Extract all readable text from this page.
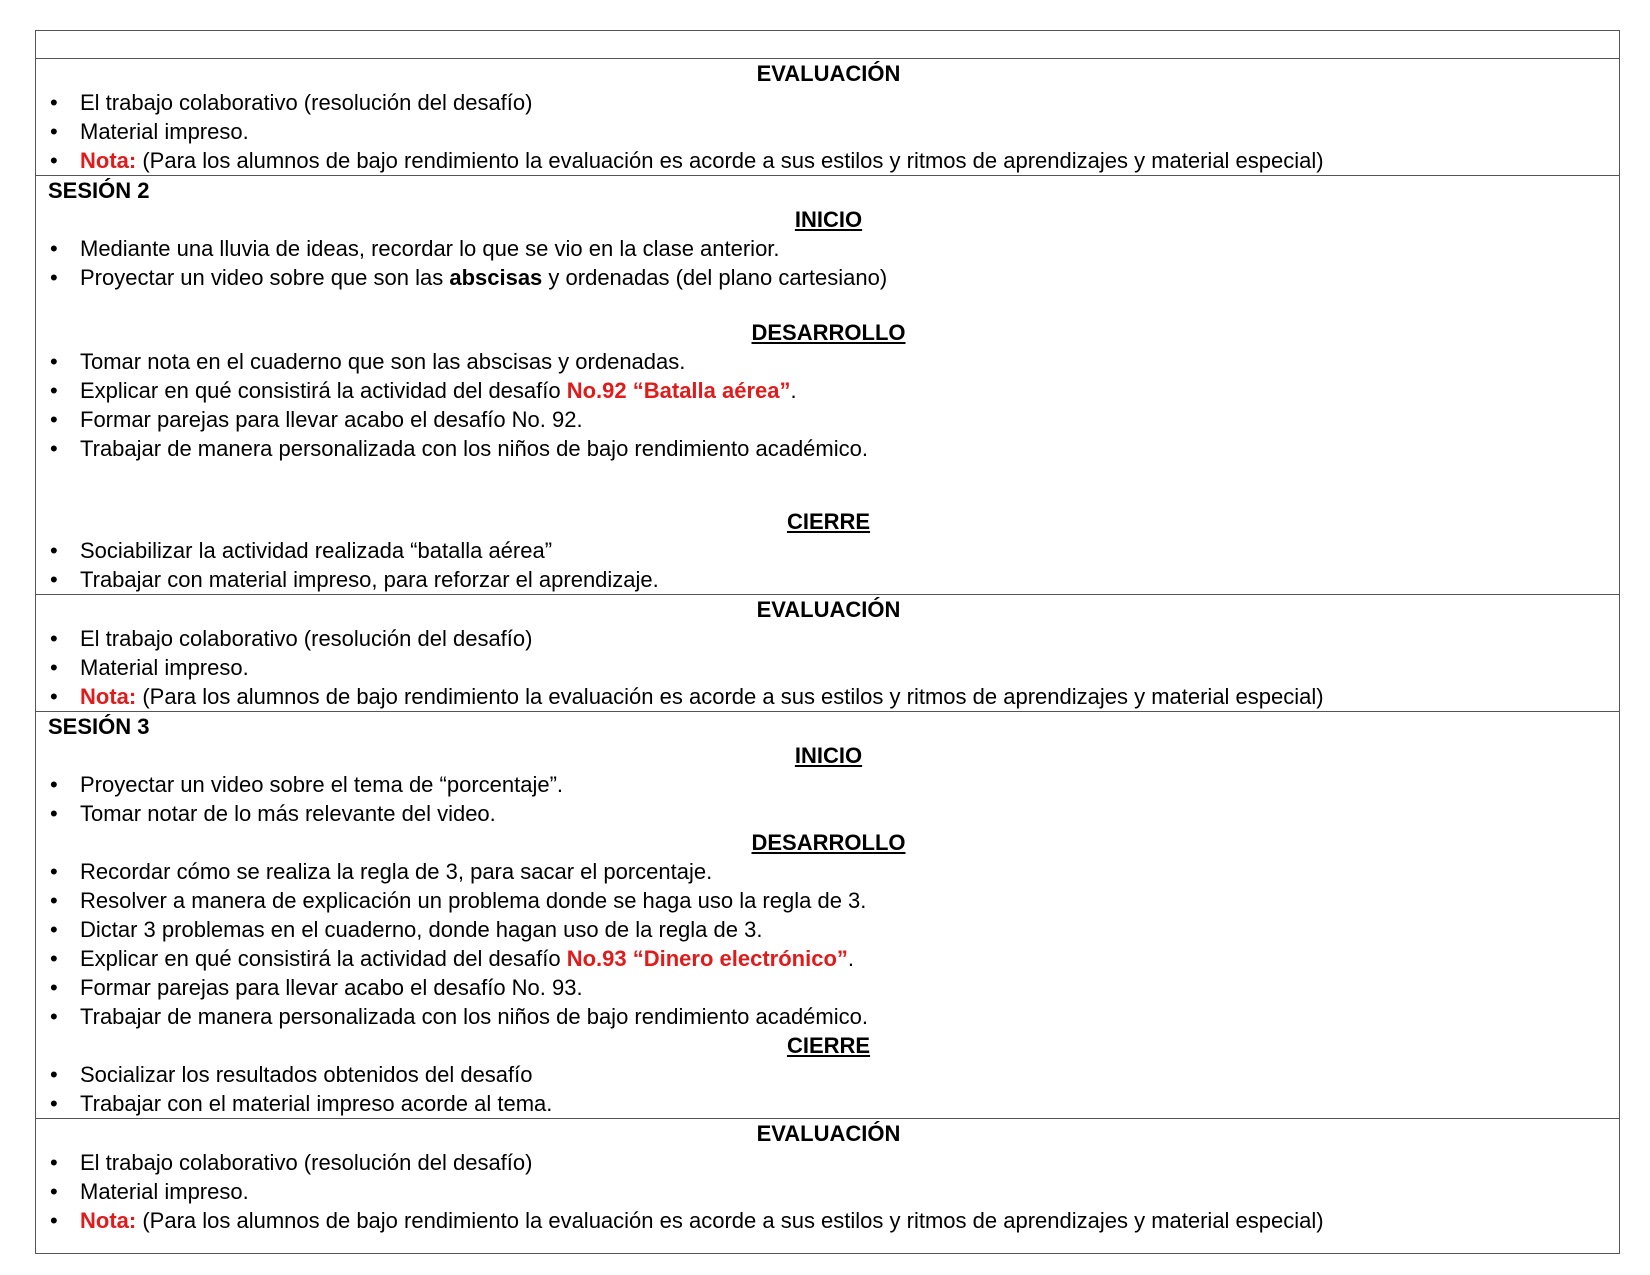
EVALUACIÓN
• El trabajo colaborativo (resolución del desafío)
• Material impreso.
• Nota: (Para los alumnos de bajo rendimiento la evaluación es acorde a sus estilos y ritmos de aprendizajes y material especial)
SESIÓN 2
INICIO
• Mediante una lluvia de ideas, recordar lo que se vio en la clase anterior.
• Proyectar un video sobre que son las abscisas y ordenadas (del plano cartesiano)
DESARROLLO
• Tomar nota en el cuaderno que son las abscisas y ordenadas.
• Explicar en qué consistirá la actividad del desafío No.92 “Batalla aérea”.
• Formar parejas para llevar acabo el desafío No. 92.
• Trabajar de manera personalizada con los niños de bajo rendimiento académico.
CIERRE
• Sociabilizar la actividad realizada “batalla aérea”
• Trabajar con material impreso, para reforzar el aprendizaje.
EVALUACIÓN
• El trabajo colaborativo (resolución del desafío)
• Material impreso.
• Nota: (Para los alumnos de bajo rendimiento la evaluación es acorde a sus estilos y ritmos de aprendizajes y material especial)
SESIÓN 3
INICIO
• Proyectar un video sobre el tema de “porcentaje”.
• Tomar notar de lo más relevante del video.
DESARROLLO
• Recordar cómo se realiza la regla de 3, para sacar el porcentaje.
• Resolver a manera de explicación un problema donde se haga uso la regla de 3.
• Dictar 3 problemas en el cuaderno, donde hagan uso de la regla de 3.
• Explicar en qué consistirá la actividad del desafío No.93 “Dinero electrónico”.
• Formar parejas para llevar acabo el desafío No. 93.
• Trabajar de manera personalizada con los niños de bajo rendimiento académico.
CIERRE
• Socializar los resultados obtenidos del desafío
• Trabajar con el material impreso acorde al tema.
EVALUACIÓN
• El trabajo colaborativo (resolución del desafío)
• Material impreso.
• Nota: (Para los alumnos de bajo rendimiento la evaluación es acorde a sus estilos y ritmos de aprendizajes y material especial)
